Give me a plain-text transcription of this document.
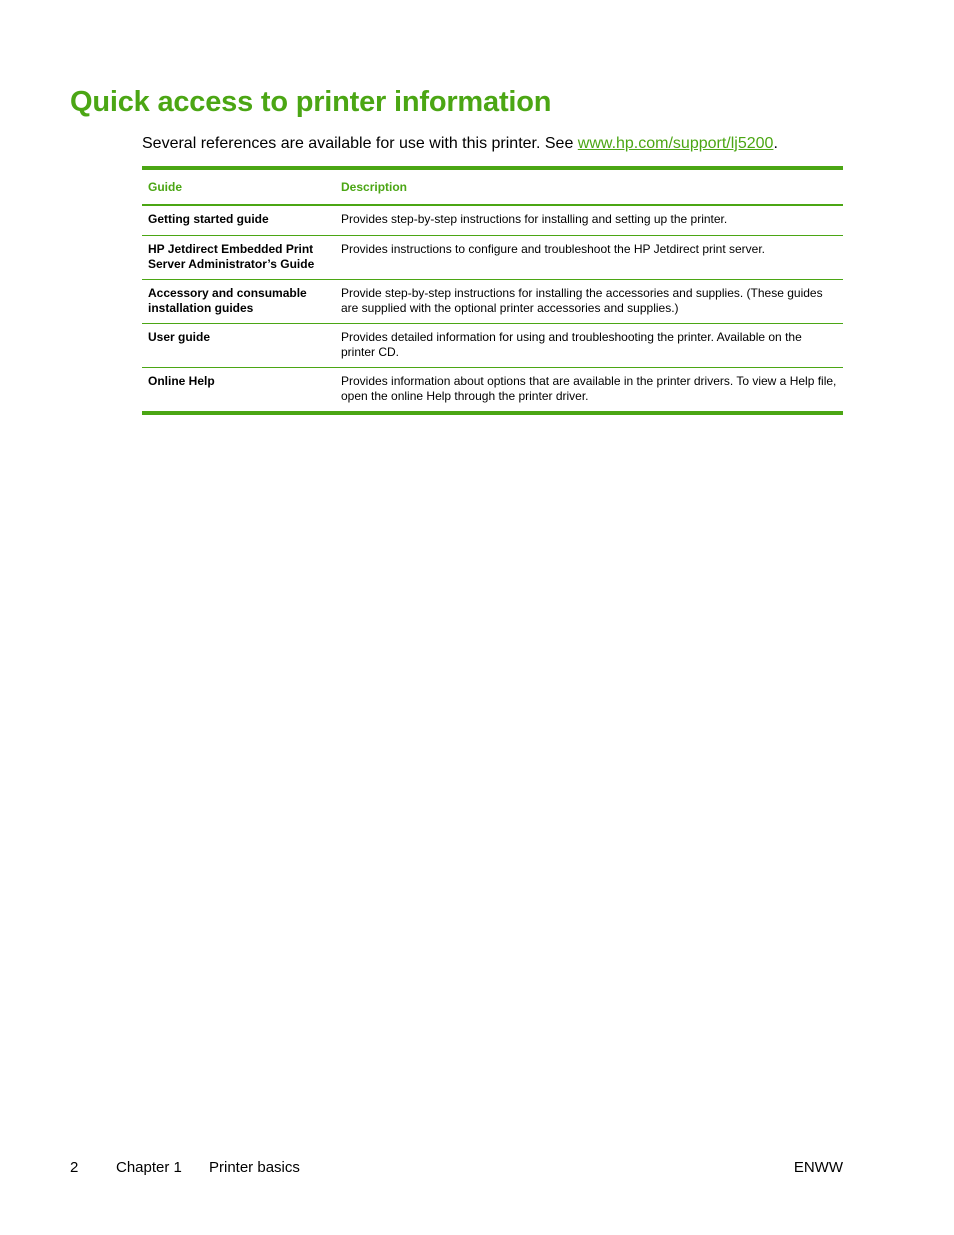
Quick access to printer information

Several references are available for use with this printer. See www.hp.com/support/lj5200.

Guide	Description
Getting started guide	Provides step-by-step instructions for installing and setting up the printer.
HP Jetdirect Embedded Print Server Administrator’s Guide	Provides instructions to configure and troubleshoot the HP Jetdirect print server.
Accessory and consumable installation guides	Provide step-by-step instructions for installing the accessories and supplies. (These guides are supplied with the optional printer accessories and supplies.)
User guide	Provides detailed information for using and troubleshooting the printer. Available on the printer CD.
Online Help	Provides information about options that are available in the printer drivers. To view a Help file, open the online Help through the printer driver.
2	Chapter 1 Printer basics	ENWW
